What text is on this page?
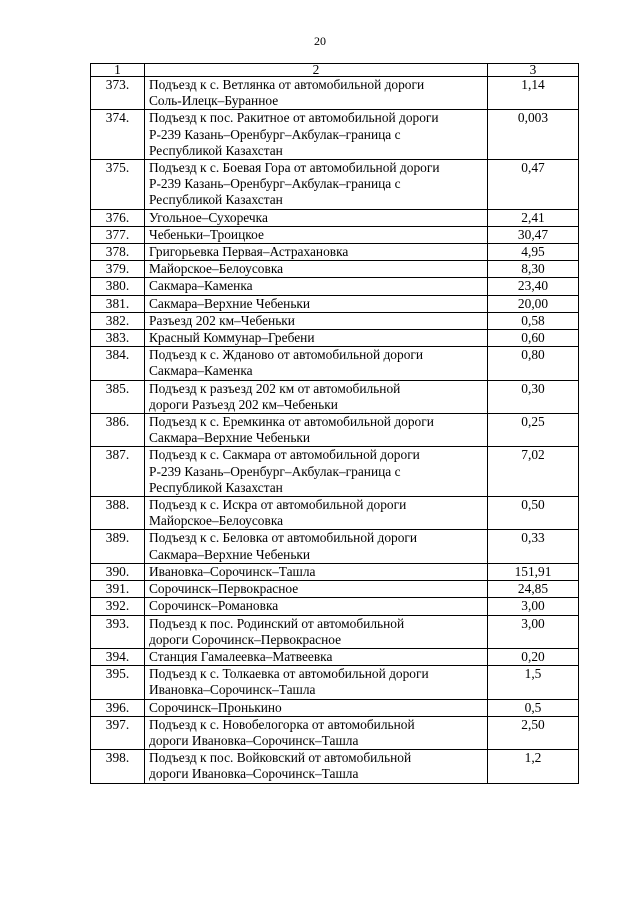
20
1	2	3
373.	Подъезд к с. Ветлянка от автомобильной дороги
Соль-Илецк–Буранное	1,14
374.	Подъезд к пос. Ракитное от автомобильной дороги
Р-239 Казань–Оренбург–Акбулак–граница с
Республикой Казахстан	0,003
375.	Подъезд к с. Боевая Гора от автомобильной дороги
Р-239 Казань–Оренбург–Акбулак–граница с
Республикой Казахстан	0,47
376.	Угольное–Сухоречка	2,41
377.	Чебеньки–Троицкое	30,47
378.	Григорьевка Первая–Астрахановка	4,95
379.	Майорское–Белоусовка	8,30
380.	Сакмара–Каменка	23,40
381.	Сакмара–Верхние Чебеньки	20,00
382.	Разъезд 202 км–Чебеньки	0,58
383.	Красный Коммунар–Гребени	0,60
384.	Подъезд к с. Жданово от автомобильной дороги
Сакмара–Каменка	0,80
385.	Подъезд к разъезд 202 км от автомобильной
дороги Разъезд 202 км–Чебеньки	0,30
386.	Подъезд к с. Еремкинка от автомобильной дороги
Сакмара–Верхние Чебеньки	0,25
387.	Подъезд к с. Сакмара от автомобильной дороги
Р-239 Казань–Оренбург–Акбулак–граница с
Республикой Казахстан	7,02
388.	Подъезд к с. Искра от автомобильной дороги
Майорское–Белоусовка	0,50
389.	Подъезд к с. Беловка от автомобильной дороги
Сакмара–Верхние Чебеньки	0,33
390.	Ивановка–Сорочинск–Ташла	151,91
391.	Сорочинск–Первокрасное	24,85
392.	Сорочинск–Романовка	3,00
393.	Подъезд к пос. Родинский от автомобильной
дороги Сорочинск–Первокрасное	3,00
394.	Станция Гамалеевка–Матвеевка	0,20
395.	Подъезд к с. Толкаевка от автомобильной дороги
Ивановка–Сорочинск–Ташла	1,5
396.	Сорочинск–Пронькино	0,5
397.	Подъезд к с. Новобелогорка от автомобильной
дороги Ивановка–Сорочинск–Ташла	2,50
398.	Подъезд к пос. Войковский от автомобильной
дороги Ивановка–Сорочинск–Ташла	1,2
